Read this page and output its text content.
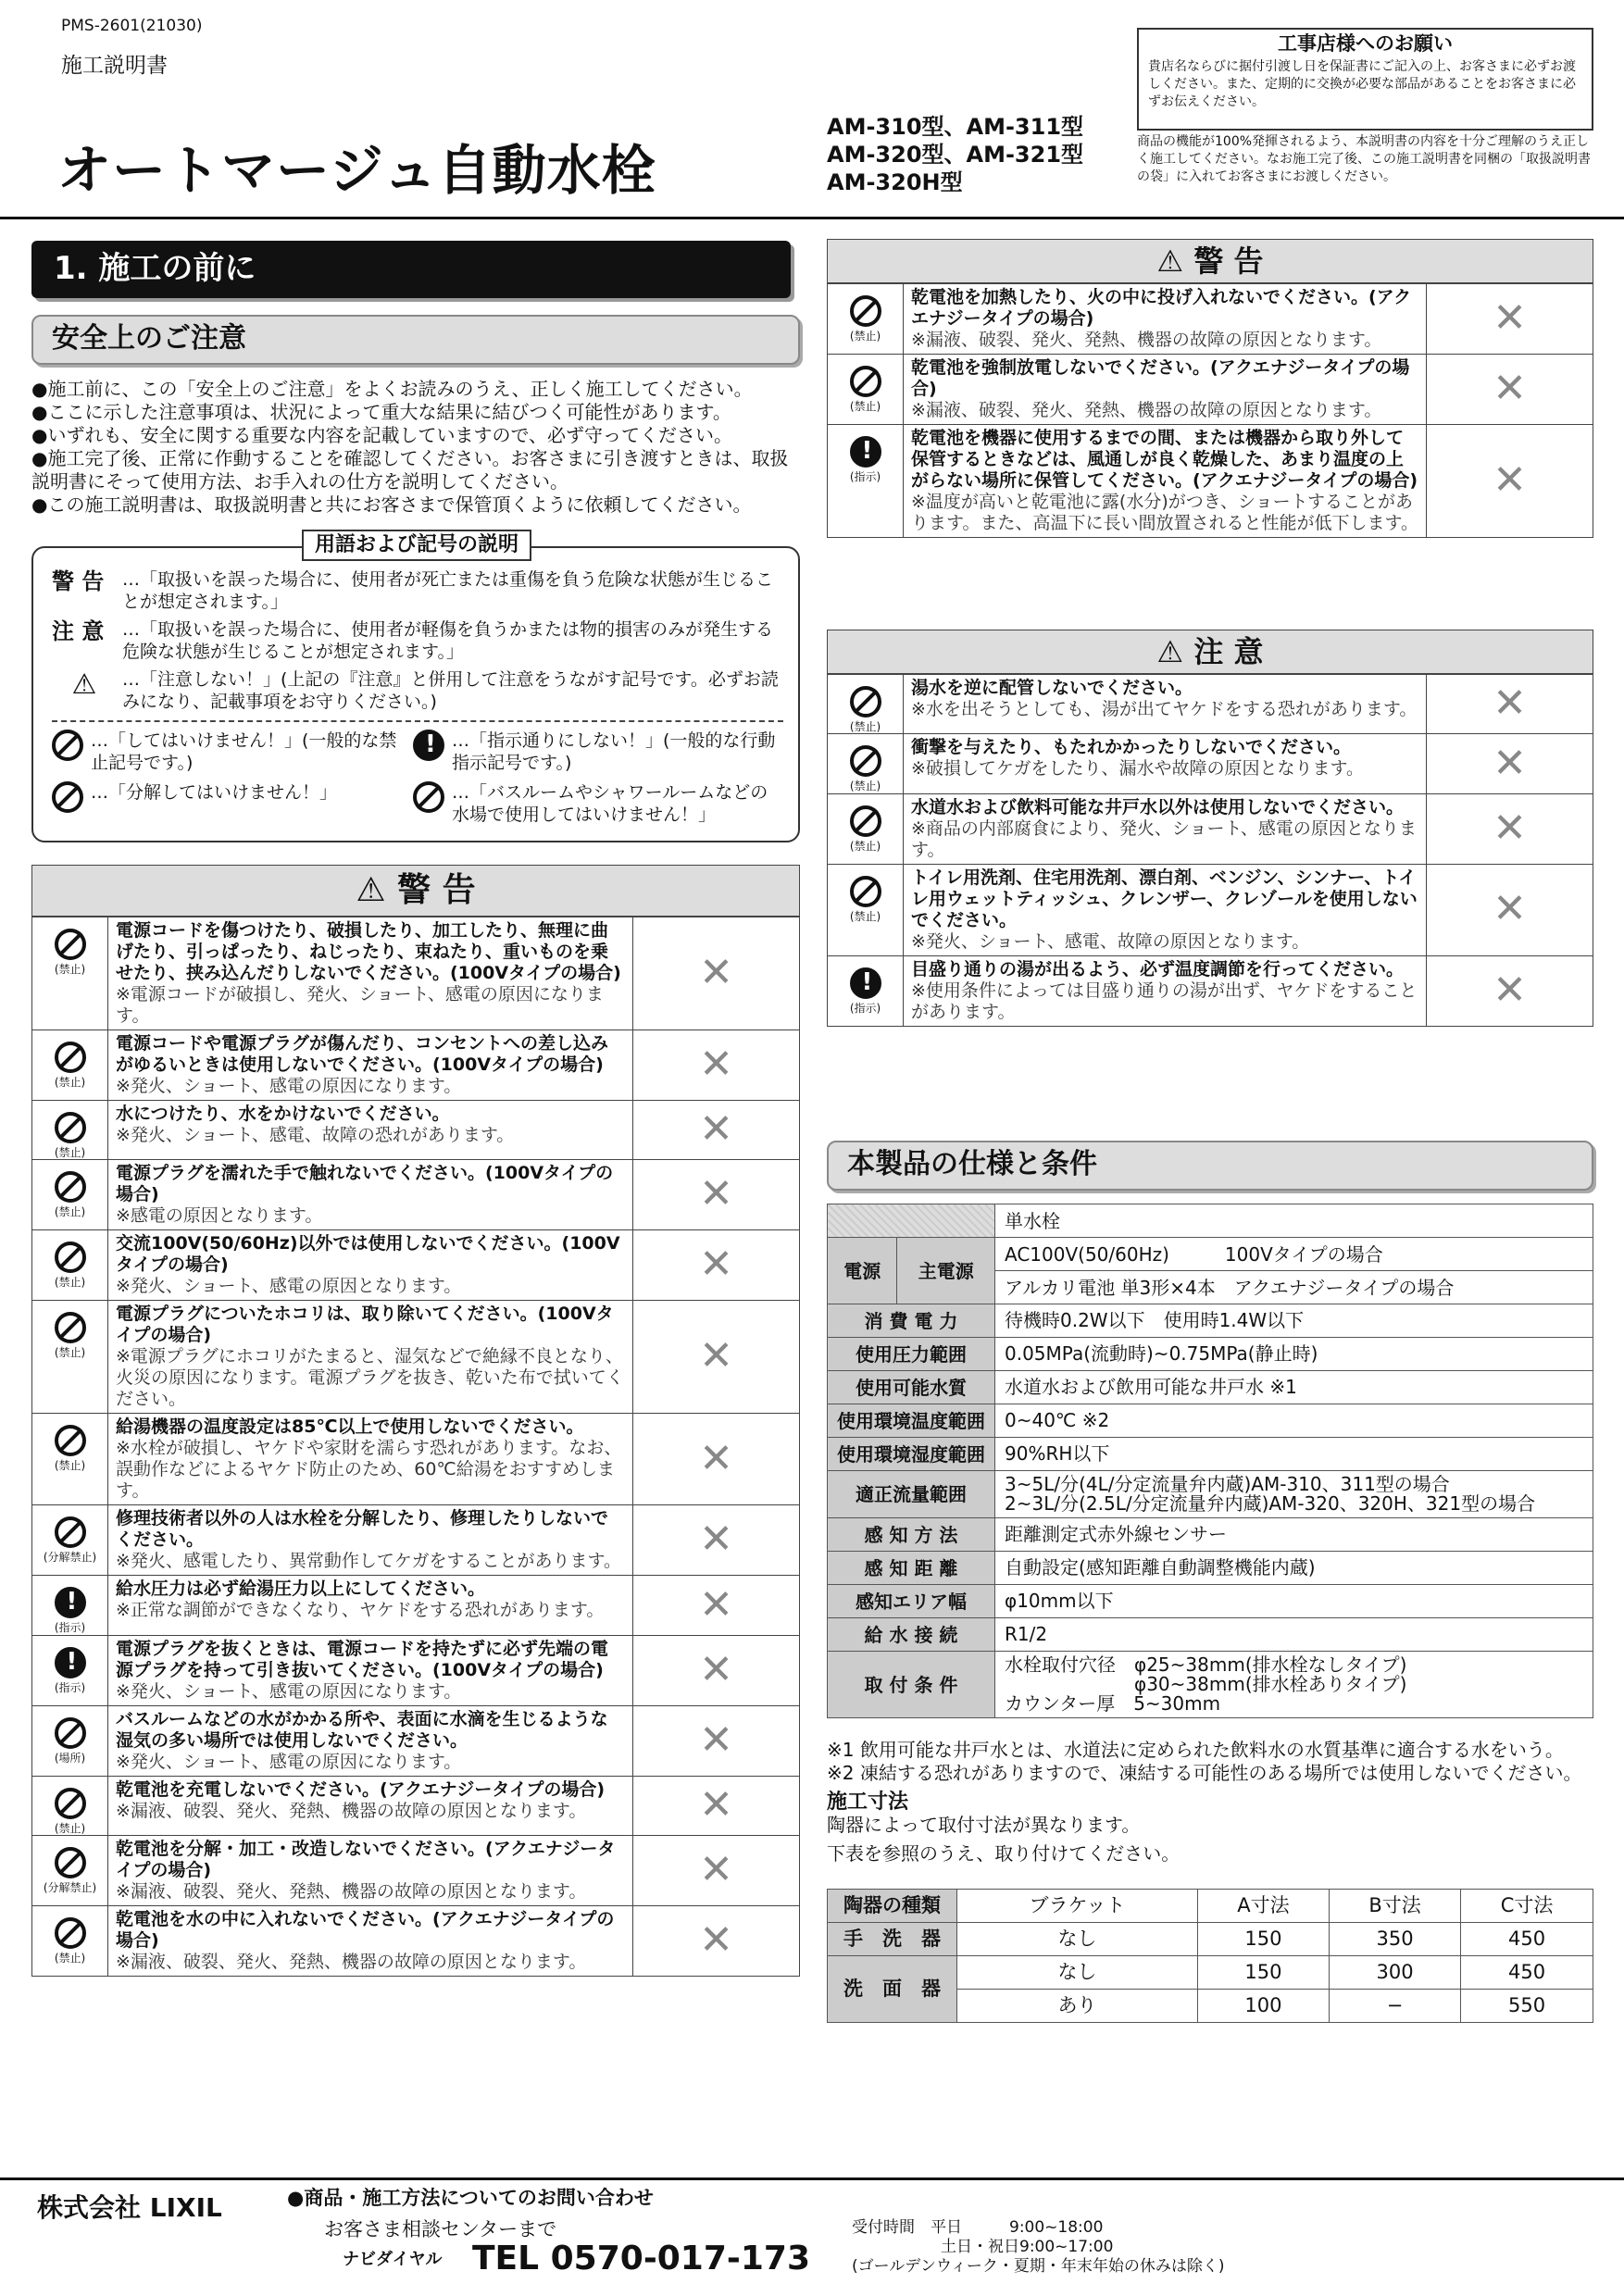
PMS-2601(21030)
施工説明書
オートマージュ自動水栓
AM-310型、AM-311型
AM-320型、AM-321型
AM-320H型
工事店様へのお願い

貴店名ならびに据付引渡し日を保証書にご記入の上、お客さまに必ずお渡しください。また、定期的に交換が必要な部品があることをお客さまに必ずお伝えください。

商品の機能が100%発揮されるよう、本説明書の内容を十分ご理解のうえ正しく施工してください。なお施工完了後、この施工説明書を同梱の「取扱説明書の袋」に入れてお客さまにお渡しください。
1. 施工の前に
安全上のご注意
●施工前に、この「安全上のご注意」をよくお読みのうえ、正しく施工してください。
●ここに示した注意事項は、状況によって重大な結果に結びつく可能性があります。
●いずれも、安全に関する重要な内容を記載していますので、必ず守ってください。
●施工完了後、正常に作動することを確認してください。お客さまに引き渡すときは、取扱説明書にそって使用方法、お手入れの仕方を説明してください。
●この施工説明書は、取扱説明書と共にお客さまで保管頂くように依頼してください。
用語および記号の説明
警 告	…「取扱いを誤った場合に、使用者が死亡または重傷を負う危険な状態が生じることが想定されます。」
注 意	…「取扱いを誤った場合に、使用者が軽傷を負うかまたは物的損害のみが発生する危険な状態が生じることが想定されます。」
⚠	…「注意しない！」(上記の『注意』と併用して注意をうながす記号です。必ずお読みになり、記載事項をお守りください。)
…「してはいけません！」(一般的な禁止記号です。)
…「分解してはいけません！」
!
…「指示通りにしない！」(一般的な行動指示記号です。)
…「バスルームやシャワールームなどの水場で使用してはいけません！」
⚠ 警 告
(禁止)	電源コードを傷つけたり、破損したり、加工したり、無理に曲げたり、引っぱったり、ねじったり、束ねたり、重いものを乗せたり、挟み込んだりしないでください。(100Vタイプの場合)
※電源コードが破損し、発火、ショート、感電の原因になります。	✕

(禁止)	電源コードや電源プラグが傷んだり、コンセントへの差し込みがゆるいときは使用しないでください。(100Vタイプの場合)
※発火、ショート、感電の原因になります。	✕

(禁止)	水につけたり、水をかけないでください。
※発火、ショート、感電、故障の恐れがあります。	✕

(禁止)	電源プラグを濡れた手で触れないでください。(100Vタイプの場合)
※感電の原因となります。	✕

(禁止)	交流100V(50/60Hz)以外では使用しないでください。(100Vタイプの場合)
※発火、ショート、感電の原因となります。	✕

(禁止)	電源プラグについたホコリは、取り除いてください。(100Vタイプの場合)
※電源プラグにホコリがたまると、湿気などで絶縁不良となり、火災の原因になります。電源プラグを抜き、乾いた布で拭いてください。	✕

(禁止)	給湯機器の温度設定は85℃以上で使用しないでください。
※水栓が破損し、ヤケドや家財を濡らす恐れがあります。なお、誤動作などによるヤケド防止のため、60℃給湯をおすすめします。	✕

(分解禁止)	修理技術者以外の人は水栓を分解したり、修理したりしないでください。
※発火、感電したり、異常動作してケガをすることがあります。	✕
!
(指示)	給水圧力は必ず給湯圧力以上にしてください。
※正常な調節ができなくなり、ヤケドをする恐れがあります。	✕
!
(指示)	電源プラグを抜くときは、電源コードを持たずに必ず先端の電源プラグを持って引き抜いてください。(100Vタイプの場合)
※発火、ショート、感電の原因になります。	✕

(場所)	バスルームなどの水がかかる所や、表面に水滴を生じるような湿気の多い場所では使用しないでください。
※発火、ショート、感電の原因になります。	✕

(禁止)	乾電池を充電しないでください。(アクエナジータイプの場合)
※漏液、破裂、発火、発熱、機器の故障の原因となります。	✕

(分解禁止)	乾電池を分解・加工・改造しないでください。(アクエナジータイプの場合)
※漏液、破裂、発火、発熱、機器の故障の原因となります。	✕

(禁止)	乾電池を水の中に入れないでください。(アクエナジータイプの場合)
※漏液、破裂、発火、発熱、機器の故障の原因となります。	✕
⚠ 警 告
(禁止)	乾電池を加熱したり、火の中に投げ入れないでください。(アクエナジータイプの場合)
※漏液、破裂、発火、発熱、機器の故障の原因となります。	✕

(禁止)	乾電池を強制放電しないでください。(アクエナジータイプの場合)
※漏液、破裂、発火、発熱、機器の故障の原因となります。	✕
!
(指示)	乾電池を機器に使用するまでの間、または機器から取り外して保管するときなどは、風通しが良く乾燥した、あまり温度の上がらない場所に保管してください。(アクエナジータイプの場合)
※温度が高いと乾電池に露(水分)がつき、ショートすることがあります。また、高温下に長い間放置されると性能が低下します。	✕
⚠ 注 意
(禁止)	湯水を逆に配管しないでください。
※水を出そうとしても、湯が出てヤケドをする恐れがあります。	✕

(禁止)	衝撃を与えたり、もたれかかったりしないでください。
※破損してケガをしたり、漏水や故障の原因となります。	✕

(禁止)	水道水および飲料可能な井戸水以外は使用しないでください。
※商品の内部腐食により、発火、ショート、感電の原因となります。	✕

(禁止)	トイレ用洗剤、住宅用洗剤、漂白剤、ベンジン、シンナー、トイレ用ウェットティッシュ、クレンザー、クレゾールを使用しないでください。
※発火、ショート、感電、故障の原因となります。	✕
!
(指示)	目盛り通りの湯が出るよう、必ず温度調節を行ってください。
※使用条件によっては目盛り通りの湯が出ず、ヤケドをすることがあります。	✕
本製品の仕様と条件
		単水栓
電源	主電源	AC100V(50/60Hz)　　　100Vタイプの場合
		アルカリ電池 単3形×4本　アクエナジータイプの場合
消 費 電 力		待機時0.2W以下　使用時1.4W以下
使用圧力範囲		0.05MPa(流動時)~0.75MPa(静止時)
使用可能水質		水道水および飲用可能な井戸水 ※1
使用環境温度範囲		0~40℃ ※2
使用環境湿度範囲		90%RH以下
適正流量範囲		3~5L/分(4L/分定流量弁内蔵)AM-310、311型の場合
2~3L/分(2.5L/分定流量弁内蔵)AM-320、320H、321型の場合
感 知 方 法		距離測定式赤外線センサー
感 知 距 離		自動設定(感知距離自動調整機能内蔵)
感知エリア幅		φ10mm以下
給 水 接 続		R1/2
取 付 条 件		水栓取付穴径　φ25~38mm(排水栓なしタイプ)
　　　　　　　φ30~38mm(排水栓ありタイプ)
カウンター厚　5~30mm
※1 飲用可能な井戸水とは、水道法に定められた飲料水の水質基準に適合する水をいう。
※2 凍結する恐れがありますので、凍結する可能性のある場所では使用しないでください。
施工寸法
陶器によって取付寸法が異なります。
下表を参照のうえ、取り付けてください。
陶器の種類	ブラケット	A寸法	B寸法	C寸法
手　洗　器	なし	150	350	450
洗　面　器	なし	150	300	450
	あり	100	−	550
株式会社 LIXIL	●商品・施工方法についてのお問い合わせ
お客さま相談センターまで
ナビダイヤル TEL 0570-017-173
受付時間　平日　　　9:00~18:00
土日・祝日9:00~17:00
(ゴールデンウィーク・夏期・年末年始の休みは除く)
